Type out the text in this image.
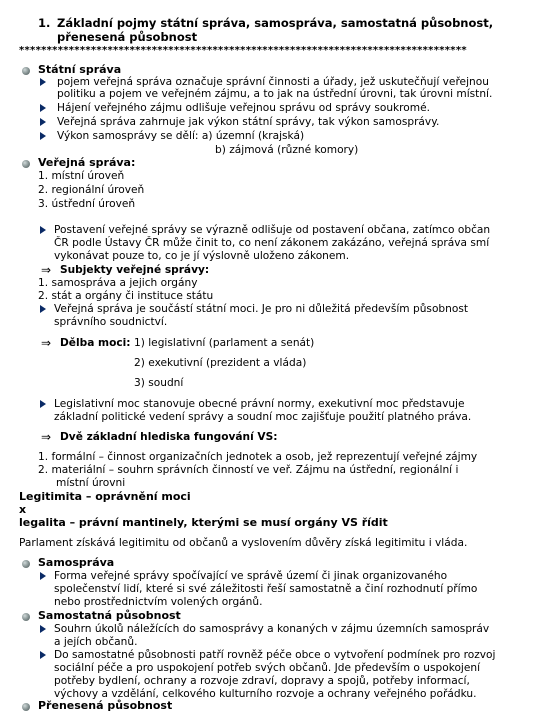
1. Základní pojmy státní správa, samospráva, samostatná působnost,
přenesená působnost
*********************************************************************************
Státní správa
pojem veřejná správa označuje správní činnosti a úřady, jež uskutečňují veřejnou
politiku a pojem ve veřejném zájmu, a to jak na ústřední úrovni, tak úrovni místní.
Hájení veřejného zájmu odlišuje veřejnou správu od správy soukromé.
Veřejná správa zahrnuje jak výkon státní správy, tak výkon samosprávy.
Výkon samosprávy se dělí: a) územní (krajská)
b) zájmová (různé komory)
Veřejná správa:
1. místní úroveň
2. regionální úroveň
3. ústřední úroveň
Postavení veřejné správy se výrazně odlišuje od postavení občana, zatímco občan
ČR podle Ústavy ČR může činit to, co není zákonem zakázáno, veřejná správa smí
vykonávat pouze to, co je jí výslovně uloženo zákonem.
⇒ Subjekty veřejné správy:
1. samospráva a jejich orgány
2. stát a orgány či instituce státu
Veřejná správa je součástí státní moci. Je pro ni důležitá především působnost
správního soudnictví.
⇒ Dělba moci: 1) legislativní (parlament a senát)
2) exekutivní (prezident a vláda)
3) soudní
Legislativní moc stanovuje obecné právní normy, exekutivní moc představuje
základní politické vedení správy a soudní moc zajišťuje použití platného práva.
⇒ Dvě základní hlediska fungování VS:
1. formální – činnost organizačních jednotek a osob, jež reprezentují veřejné zájmy
2. materiální – souhrn správních činností ve veř. Zájmu na ústřední, regionální i
místní úrovni
Legitimita – oprávnění moci
x
legalita – právní mantinely, kterými se musí orgány VS řídit
Parlament získává legitimitu od občanů a vyslovením důvěry získá legitimitu i vláda.
Samospráva
Forma veřejné správy spočívající ve správě území či jinak organizovaného
společenství lidí, které si své záležitosti řeší samostatně a činí rozhodnutí přímo
nebo prostřednictvím volených orgánů.
Samostatná působnost
Souhrn úkolů náležících do samosprávy a konaných v zájmu územních samospráv
a jejích občanů.
Do samostatné působnosti patří rovněž péče obce o vytvoření podmínek pro rozvoj
sociální péče a pro uspokojení potřeb svých občanů. Jde především o uspokojení
potřeby bydlení, ochrany a rozvoje zdraví, dopravy a spojů, potřeby informací,
výchovy a vzdělání, celkového kulturního rozvoje a ochrany veřejného pořádku.
Přenesená působnost
